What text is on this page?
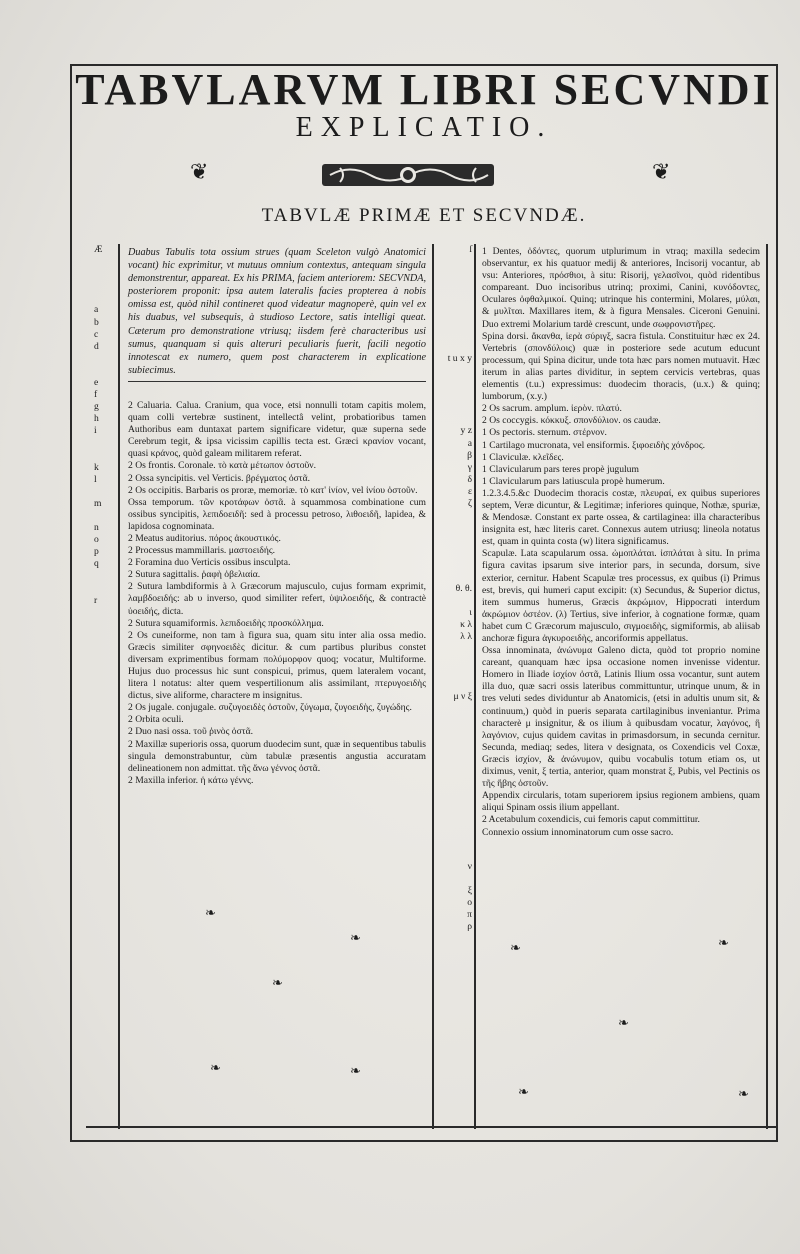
TABVLARVM LIBRI SECVNDI
EXPLICATIO.
❦	❦
TABVLÆ PRIMÆ ET SECVNDÆ.
Æ

a
b
c
d

e
f
g
h
i

k
l

m

n
o
p
q

r
Duabus Tabulis tota ossium strues (quam Sceleton vulgò Anatomici vocant) hic exprimitur, vt mutuus omnium contextus, antequam singula demonstrentur, appareat. Ex his PRIMA, faciem anteriorem: SECVNDA, posteriorem proponit: ipsa autem lateralis facies propterea à nobis omissa est, quòd nihil contineret quod videatur magnoperè, quin vel ex his duabus, vel subsequis, à studioso Lectore, satis intelligi queat. Cæterum pro demonstratione vtriusq; iisdem ferè characteribus usi sumus, quanquam si quis alteruri peculiaris fuerit, facili negotio innotescat ex numero, quem post characterem in explicatione subiecimus.

2 Caluaria. Calua. Cranium, qua voce, etsi nonnulli totam capitis molem, quam colli vertebræ sustinent, intellectâ velint, probatioribus tamen Authoribus eam duntaxat partem significare videtur, quæ superna sede Cerebrum tegit, & ipsa vicissim capillis tecta est. Græci κρανίον vocant, quasi κράνος, quòd galeam militarem referat.

2 Os frontis. Coronale. τὸ κατὰ μέτωπον ὀστοῦν.

2 Ossa syncipitis. vel Verticis. βρέγματος ὀστᾶ.

2 Os occipitis. Barbaris os proræ, memoriæ. τὸ κατ' ἰνίον, vel ἰνίου ὀστοῦν.

Ossa temporum. τῶν κροτάφων ὀστᾶ. à squammosa combinatione cum ossibus syncipitis, λεπιδοειδῆ: sed à processu petroso, λιθοειδῆ, lapidea, & lapidosa cognominata.

2 Meatus auditorius. πόρος ἀκουστικός.

2 Processus mammillaris. μαστοειδής.

2 Foramina duo Verticis ossibus insculpta.

2 Sutura sagittalis. ῥαφὴ ὀβελιαία.

2 Sutura lambdiformis à λ Græcorum majusculo, cujus formam exprimit, λαμβδοειδής: ab υ inverso, quod similiter refert, ὑψιλοειδής, & contractè ὑοειδής, dicta.

2 Sutura squamiformis. λεπιδοειδὴς προσκόλλημα.

2 Os cuneiforme, non tam à figura sua, quam situ inter alia ossa medio. Græcis similiter σφηνοειδὲς dicitur. & cum partibus pluribus constet diversam exprimentibus formam πολύμορφον quoq; vocatur, Multiforme. Hujus duo processus hic sunt conspicui, primus, quem lateralem vocant, litera l notatus: alter quem vespertilionum alis assimilant, πτερυγοειδὴς dictus, sive aliforme, charactere m insignitus.

2 Os jugale. conjugale. συζυγοειδὲς ὀστοῦν, ζύγωμα, ζυγοειδὴς, ζυγώδης.

2 Orbita oculi.

2 Duo nasi ossa. τοῦ ῥινὸς ὀστᾶ.

2 Maxillæ superioris ossa, quorum duodecim sunt, quæ in sequentibus tabulis singula demonstrabuntur, cùm tabulæ præsentis angustia accuratam delineationem non admittat. τῆς ἄνω γέννος ὀστᾶ.

2 Maxilla inferior. ἡ κάτω γέννς.

ſ

t u x y

y z
a
β
γ
δ
ε
ζ

θ. θ.

ι
κ λ
λ λ

μ ν ξ

ν

ξ
ο
π
ρ

1 Dentes, ὀδόντες, quorum utplurimum in vtraq; maxilla sedecim observantur, ex his quatuor medij & anteriores, Incisorij vocantur, ab vsu: Anteriores, πρόσθιοι, à situ: Risorij, γελασῖνοι, quòd ridentibus compareant. Duo incisoribus utrinq; proximi, Canini, κυνόδοντες, Oculares ὀφθαλμικοί. Quinq; utrinque his contermini, Molares, μύλαι, & μυλῖται. Maxillares item, & à figura Mensales. Ciceroni Genuini. Duo extremi Molarium tardè crescunt, unde σωφρονιστῆρες.

Spina dorsi. ἄκανθα, ἱερὰ σύριγξ, sacra fistula. Constituitur hæc ex 24. Vertebris (σπονδύλοις) quæ in posteriore sede acutum educunt processum, qui Spina dicitur, unde tota hæc pars nomen mutuavit. Hæc iterum in alias partes dividitur, in septem cervicis vertebras, quas elementis (t.u.) expressimus: duodecim thoracis, (u.x.) & quinq; lumborum, (x.y.)

2 Os sacrum. amplum. ἱερὸν. πλατύ.

2 Os coccygis. κόκκυξ. σπονδύλιον. os caudæ.

1 Os pectoris. sternum. στέρνον.

1 Cartilago mucronata, vel ensiformis. ξιφοειδὴς χόνδρος.

1 Claviculæ. κλεῖδες.

1 Clavicularum pars teres propè jugulum

1 Clavicularum pars latiuscula propè humerum.

1.2.3.4.5.&c Duodecim thoracis costæ, πλευραί, ex quibus superiores septem, Veræ dicuntur, & Legitimæ; inferiores quinque, Nothæ, spuriæ, & Mendosæ. Constant ex parte ossea, & cartilaginea: illa characteribus insignita est, hæc literis caret. Connexus autem utriusq; lineola notatus est, quam in quinta costa (w) litera significamus.

Scapulæ. Lata scapularum ossa. ὠμοπλάται. ἰσπλάται à situ. In prima figura cavitas ipsarum sive interior pars, in secunda, dorsum, sive exterior, cernitur. Habent Scapulæ tres processus, ex quibus (i) Primus est, brevis, qui humeri caput excipit: (x) Secundus, & Superior dictus, item summus humerus, Græcis ἀκρώμιον, Hippocrati interdum ἀκρώμιον ὀστέον. (λ) Tertius, sive inferior, à cognatione formæ, quam habet cum C Græcorum majusculo, σιγμοειδὴς, sigmiformis, ab aliisab anchoræ figura ἀγκυροειδὴς, ancoriformis appellatus.

Ossa innominata, ἀνώνυμα Galeno dicta, quòd tot proprio nomine careant, quanquam hæc ipsa occasione nomen invenisse videntur. Homero in Iliade ἰσχίον ὀστᾶ, Latinis Ilium ossa vocantur, sunt autem illa duo, quæ sacri ossis lateribus committuntur, utrinque unum, & in tres veluti sedes dividuntur ab Anatomicis, (etsi in adultis unum sit, & continuum,) quòd in pueris separata cartilaginibus inveniantur. Prima characterè μ insignitur, & os ilium à quibusdam vocatur, λαγόνος, ἢ λαγόνιον, cujus quidem cavitas in primasdorsum, in secunda cernitur. Secunda, mediaq; sedes, litera ν designata, os Coxendicis vel Coxæ, Græcis ἰσχίον, & ἀνώνυμον, quibu vocabulis totum etiam os, ut diximus, venit, ξ tertia, anterior, quam monstrat ξ, Pubis, vel Pectinis os τῆς ἥβης ὀστοῦν.

Appendix circularis, totam superiorem ipsius regionem ambiens, quam aliqui Spinam ossis ilium appellant.

2 Acetabulum coxendicis, cui femoris caput committitur.

Connexio ossium innominatorum cum osse sacro.

❧
❧
❧
❧	❧
❧	❧
❧
❧	❧
